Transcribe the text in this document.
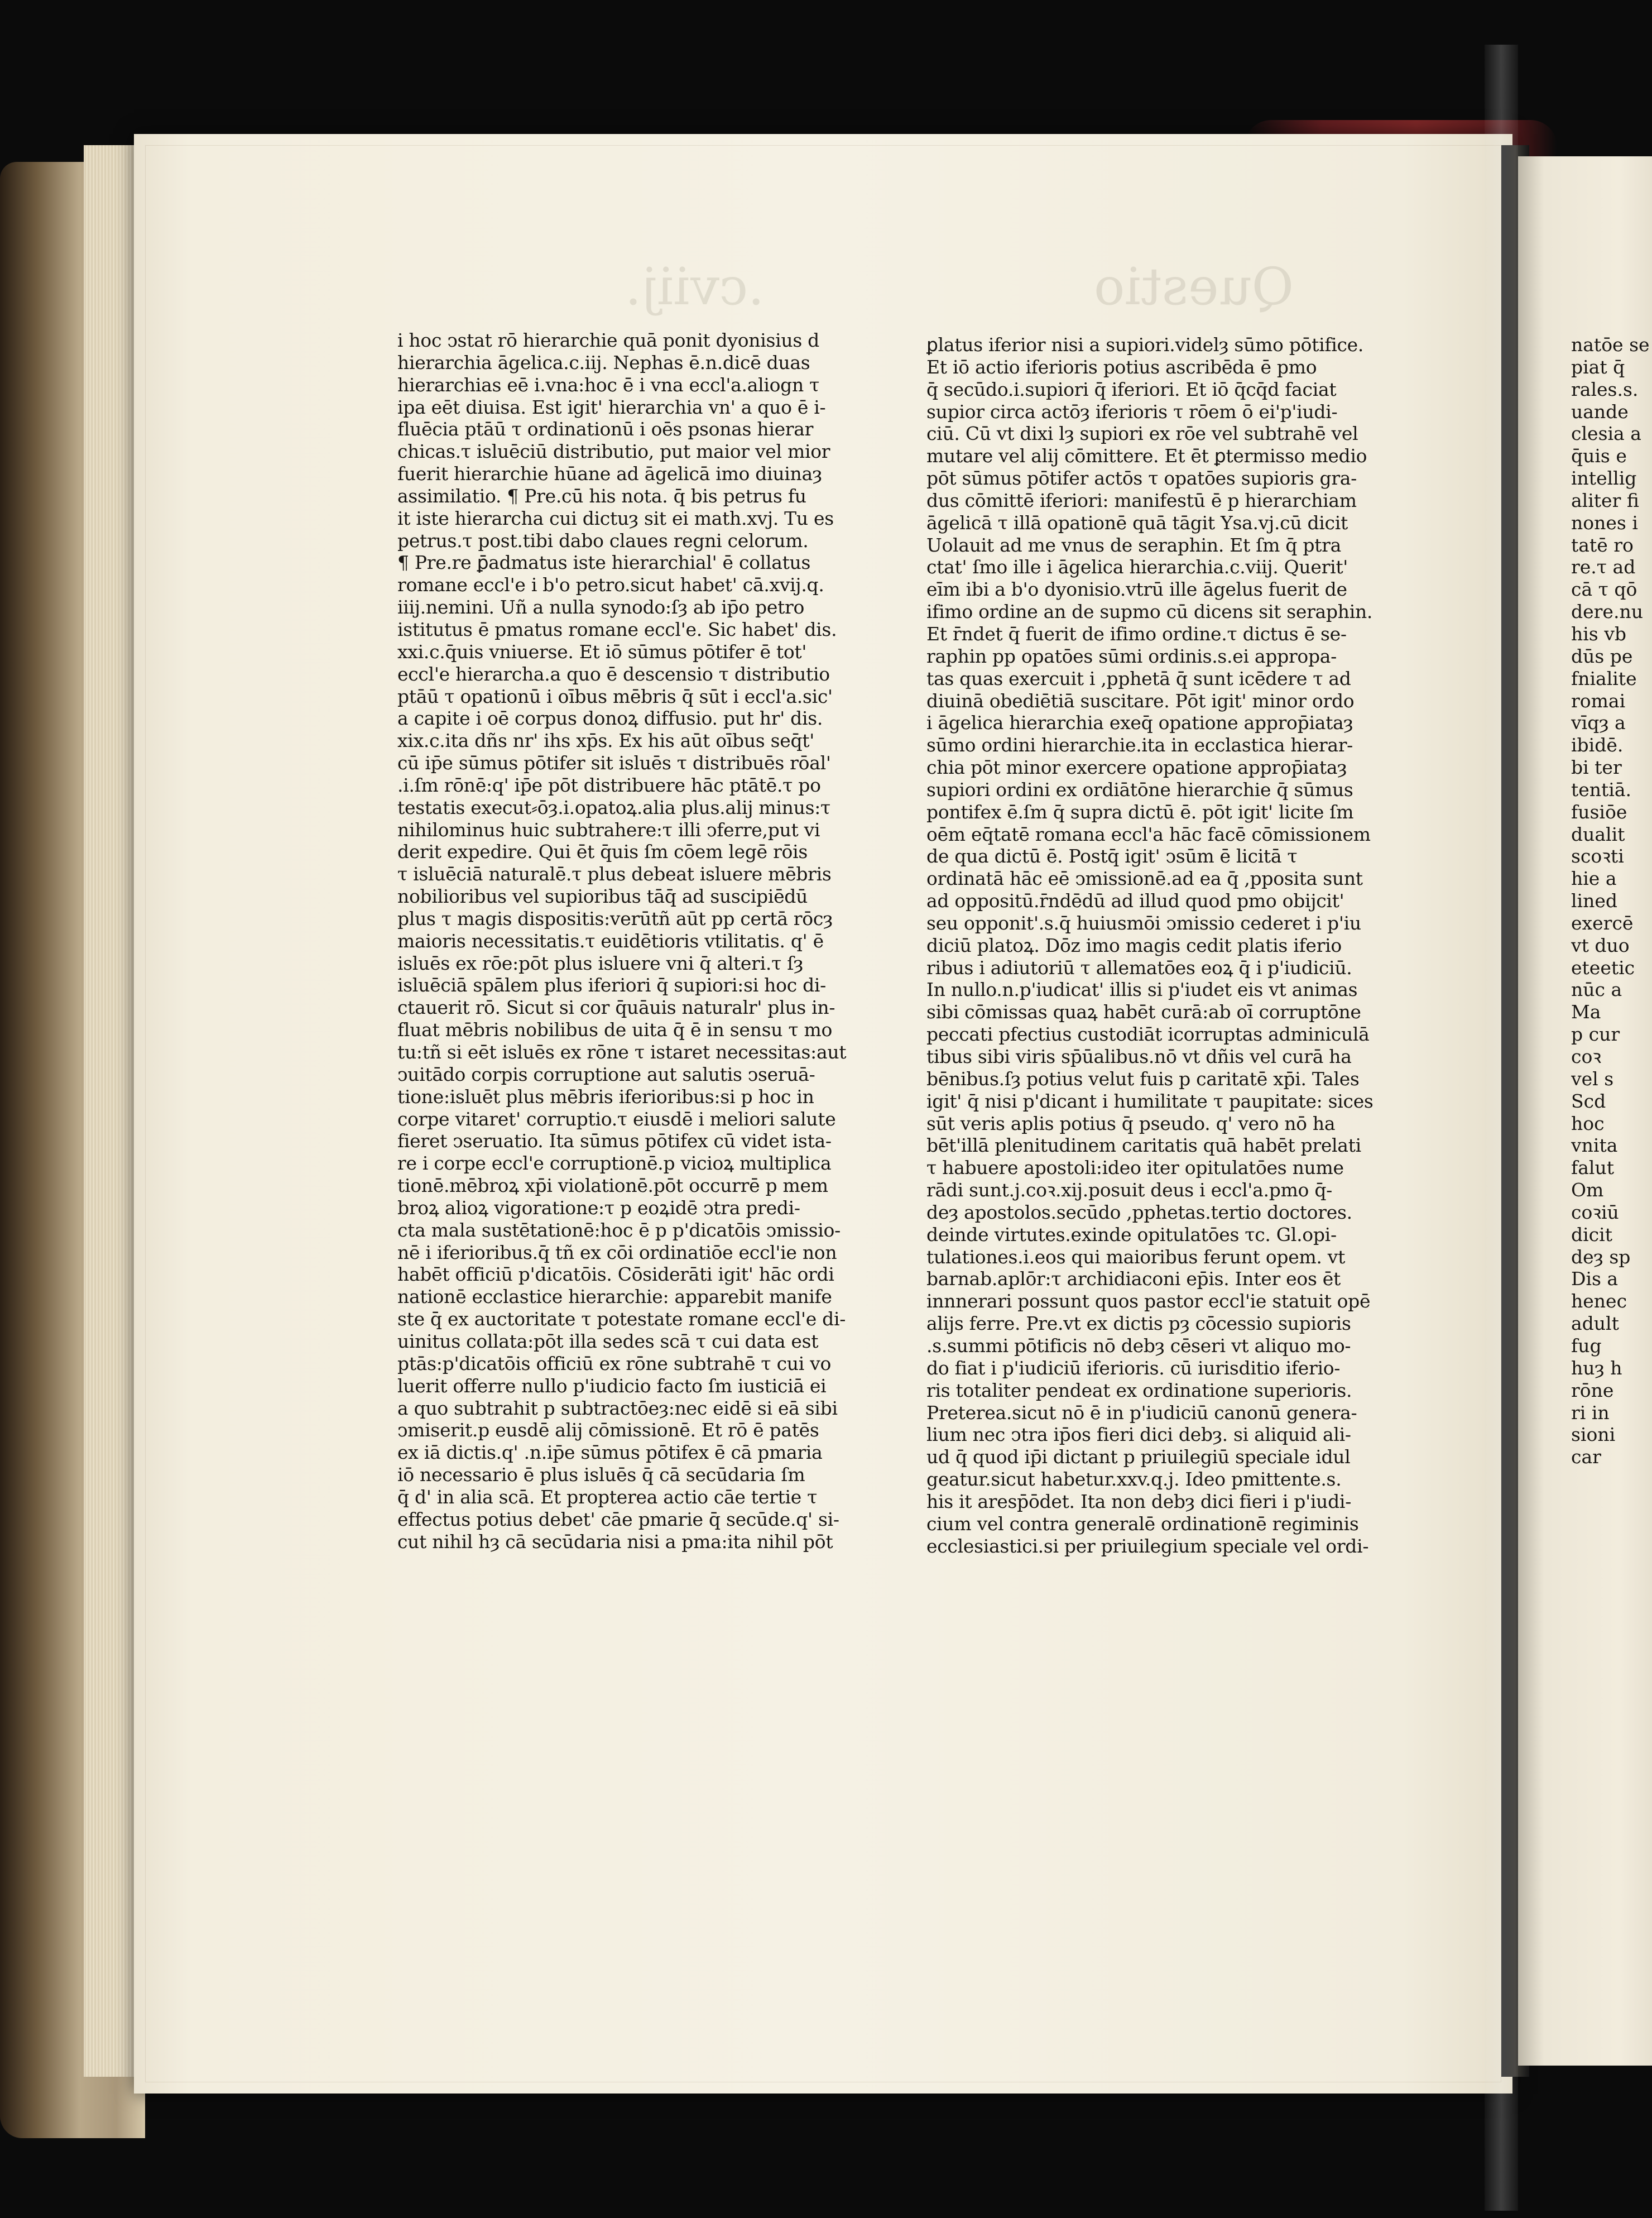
.cviij.	Questio
i hoc ↄstat rō hierarchie quā ponit dyonisius d
hierarchia āgelica.c.iij. Nephas ē.n.dicē duas
hierarchias eē i.vna:hoc ē i vna eccl'a.aliogn τ
ipa eēt diuisa. Est igit' hierarchia vn' a quo ē i-
fluēcia ptāū τ ordinationū i oēs psonas hierar
chicas.τ isluēciū distributio, put maior vel mior
fuerit hierarchie hūane ad āgelicā imo diuinaȝ
assimilatio. ¶ Pre.cū his nota. q̄ bis petrus fu
it iste hierarcha cui dictuȝ sit ei math.xvj. Tu es
petrus.τ post.tibi dabo claues regni celorum.
¶ Pre.re ꝑ̄admatus iste hierarchial' ē collatus
romane eccl'e i b'o petro.sicut habet' cā.xvij.q.
iiij.nemini. Uñ a nulla synodo:ſȝ ab ip̄o petro
istitutus ē pmatus romane eccl'e. Sic habet' dis.
xxi.c.q̄uis vniuerse. Et iō sūmus pōtifer ē tot'
eccl'e hierarcha.a quo ē descensio τ distributio
ptāū τ opationū i oībus mēbris q̄ sūt i eccl'a.sic'
a capite i oē corpus donoꝝ diffusio. put hr' dis.
xix.c.ita dñs nr' ihs xp̄s. Ex his aūt oībus seq̄t'
cū ip̄e sūmus pōtifer sit isluēs τ distribuēs rōal'
.i.ſm rōnē:q' ip̄e pōt distribuere hāc ptātē.τ po
testatis execut⸗ōȝ.i.opatoꝝ.alia plus.alij minus:τ
nihilominus huic subtrahere:τ illi ↄferre,put vi
derit expedire. Qui ēt q̄uis ſm cōem legē rōis
τ isluēciā naturalē.τ plus debeat isluere mēbris
nobilioribus vel supioribus tāq̄ ad suscipiēdū
plus τ magis dispositis:verūtñ aūt pp certā rōcȝ
maioris necessitatis.τ euidētioris vtilitatis. q' ē
isluēs ex rōe:pōt plus isluere vni q̄ alteri.τ ſȝ
isluēciā spālem plus iferiori q̄ supiori:si hoc di-
ctauerit rō. Sicut si cor q̄uāuis naturalr' plus in-
fluat mēbris nobilibus de uita q̄ ē in sensu τ mo
tu:tñ si eēt isluēs ex rōne τ istaret necessitas:aut
ↄuitādo corpis corruptione aut salutis ↄseruā-
tione:isluēt plus mēbris iferioribus:si p hoc in
corpe vitaret' corruptio.τ eiusdē i meliori salute
fieret ↄseruatio. Ita sūmus pōtifex cū videt ista-
re i corpe eccl'e corruptionē.p vicioꝝ multiplica
tionē.mēbroꝝ xp̄i violationē.pōt occurrē p mem
broꝝ alioꝝ vigoratione:τ p eoꝝidē ↄtra predi-
cta mala sustētationē:hoc ē p p'dicatōis ↄmissio-
nē i iferioribus.q̄ tñ ex cōi ordinatiōe eccl'ie non
habēt officiū p'dicatōis. Cōsiderāti igit' hāc ordi
nationē ecclastice hierarchie: apparebit manife
ste q̄ ex auctoritate τ potestate romane eccl'e di-
uinitus collata:pōt illa sedes scā τ cui data est
ptās:p'dicatōis officiū ex rōne subtrahē τ cui vo
luerit offerre nullo p'iudicio facto ſm iusticiā ei
a quo subtrahit p subtractōeȝ:nec eidē si eā sibi
ↄmiserit.p eusdē alij cōmissionē. Et rō ē patēs
ex iā dictis.q' .n.ip̄e sūmus pōtifex ē cā pmaria
iō necessario ē plus isluēs q̄ cā secūdaria ſm
q̄ d' in alia scā. Et propterea actio cāe tertie τ
effectus potius debet' cāe pmarie q̄ secūde.q' si-
cut nihil hȝ cā secūdaria nisi a pma:ita nihil pōt
ꝑlatus iferior nisi a supiori.videlȝ sūmo pōtifice.
Et iō actio iferioris potius ascribēda ē pmo
q̄ secūdo.i.supiori q̄ iferiori. Et iō q̄cq̄d faciat
supior circa actōȝ iferioris τ rōem ō ei'p'iudi-
ciū. Cū vt dixi lȝ supiori ex rōe vel subtrahē vel
mutare vel alij cōmittere. Et ēt ꝑtermisso medio
pōt sūmus pōtifer actōs τ opatōes supioris gra-
dus cōmittē iferiori: manifestū ē p hierarchiam
āgelicā τ illā opationē quā tāgit Ysa.vj.cū dicit
Uolauit ad me vnus de seraphin. Et ſm q̄ ptra
ctat' ſmo ille i āgelica hierarchia.c.viij. Querit'
eīm ibi a b'o dyonisio.vtrū ille āgelus fuerit de
ifimo ordine an de supmo cū dicens sit seraphin.
Et r̄ndet q̄ fuerit de ifimo ordine.τ dictus ē se-
raphin pp opatōes sūmi ordinis.s.ei appropa-
tas quas exercuit i ,pphetā q̄ sunt icēdere τ ad
diuinā obediētiā suscitare. Pōt igit' minor ordo
i āgelica hierarchia exeq̄ opatione approp̄iataȝ
sūmo ordini hierarchie.ita in ecclastica hierar-
chia pōt minor exercere opatione approp̄iataȝ
supiori ordini ex ordiātōne hierarchie q̄ sūmus
pontifex ē.ſm q̄ supra dictū ē. pōt igit' licite ſm
oēm eq̄tatē romana eccl'a hāc facē cōmissionem
de qua dictū ē. Postq̄ igit' ↄsūm ē licitā τ
ordinatā hāc eē ↄmissionē.ad ea q̄ ,pposita sunt
ad oppositū.r̄ndēdū ad illud quod pmo obijcit'
seu opponit'.s.q̄ huiusmōi ↄmissio cederet i p'iu
diciū platoꝝ. Dōz imo magis cedit platis iferio
ribus i adiutoriū τ allematōes eoꝝ q̄ i p'iudiciū.
In nullo.n.p'iudicat' illis si p'iudet eis vt animas
sibi cōmissas quaꝝ habēt curā:ab oī corruptōne
peccati pfectius custodiāt icorruptas adminiculā
tibus sibi viris sp̄ūalibus.nō vt dñis vel curā ha
bēnibus.ſȝ potius velut fuis p caritatē xp̄i. Tales
igit' q̄ nisi p'dicant i humilitate τ paupitate: sices
sūt veris aplis potius q̄ pseudo. q' vero nō ha
bēt'illā plenitudinem caritatis quā habēt prelati
τ habuere apostoli:ideo iter opitulatōes nume
rādi sunt.j.coꝛ.xij.posuit deus i eccl'a.pmo q̄-
deȝ apostolos.secūdo ,pphetas.tertio doctores.
deinde virtutes.exinde opitulatōes τc. Gl.opi-
tulationes.i.eos qui maioribus ferunt opem. vt
barnab.aplōr:τ archidiaconi ep̄is. Inter eos ēt
innnerari possunt quos pastor eccl'ie statuit opē
alijs ferre. Pre.vt ex dictis pȝ cōcessio supioris
.s.summi pōtificis nō debȝ cēseri vt aliquo mo-
do fiat i p'iudiciū iferioris. cū iurisditio iferio-
ris totaliter pendeat ex ordinatione superioris.
Preterea.sicut nō ē in p'iudiciū canonū genera-
lium nec ↄtra ip̄os fieri dici debȝ. si aliquid ali-
ud q̄ quod ip̄i dictant p priuilegiū speciale idul
geatur.sicut habetur.xxv.q.j. Ideo pmittente.s.
his it aresp̄ōdet. Ita non debȝ dici fieri i p'iudi-
cium vel contra generalē ordinationē regiminis
ecclesiastici.si per priuilegium speciale vel ordi-
natōe se
piat q̄
rales.s.
uande
clesia a
q̄uis e
intellig
aliter fi
nones i
tatē ro
re.τ ad
cā τ qō
dere.nu
his vb
dūs pe
fnialite
romai
vīqȝ a
ibidē.
bi ter
tentiā.
fusiōe
dualit
scoꝛti
hie a
lined
exercē
vt duo
eteetic
nūc a
Ma
p cur
coꝛ
vel s
Scd
hoc
vnita
falut
Om
coꝛiū
dicit
deȝ sp
Dis a
henec
adult
fug
huȝ h
rōne
ri in
sioni
car
